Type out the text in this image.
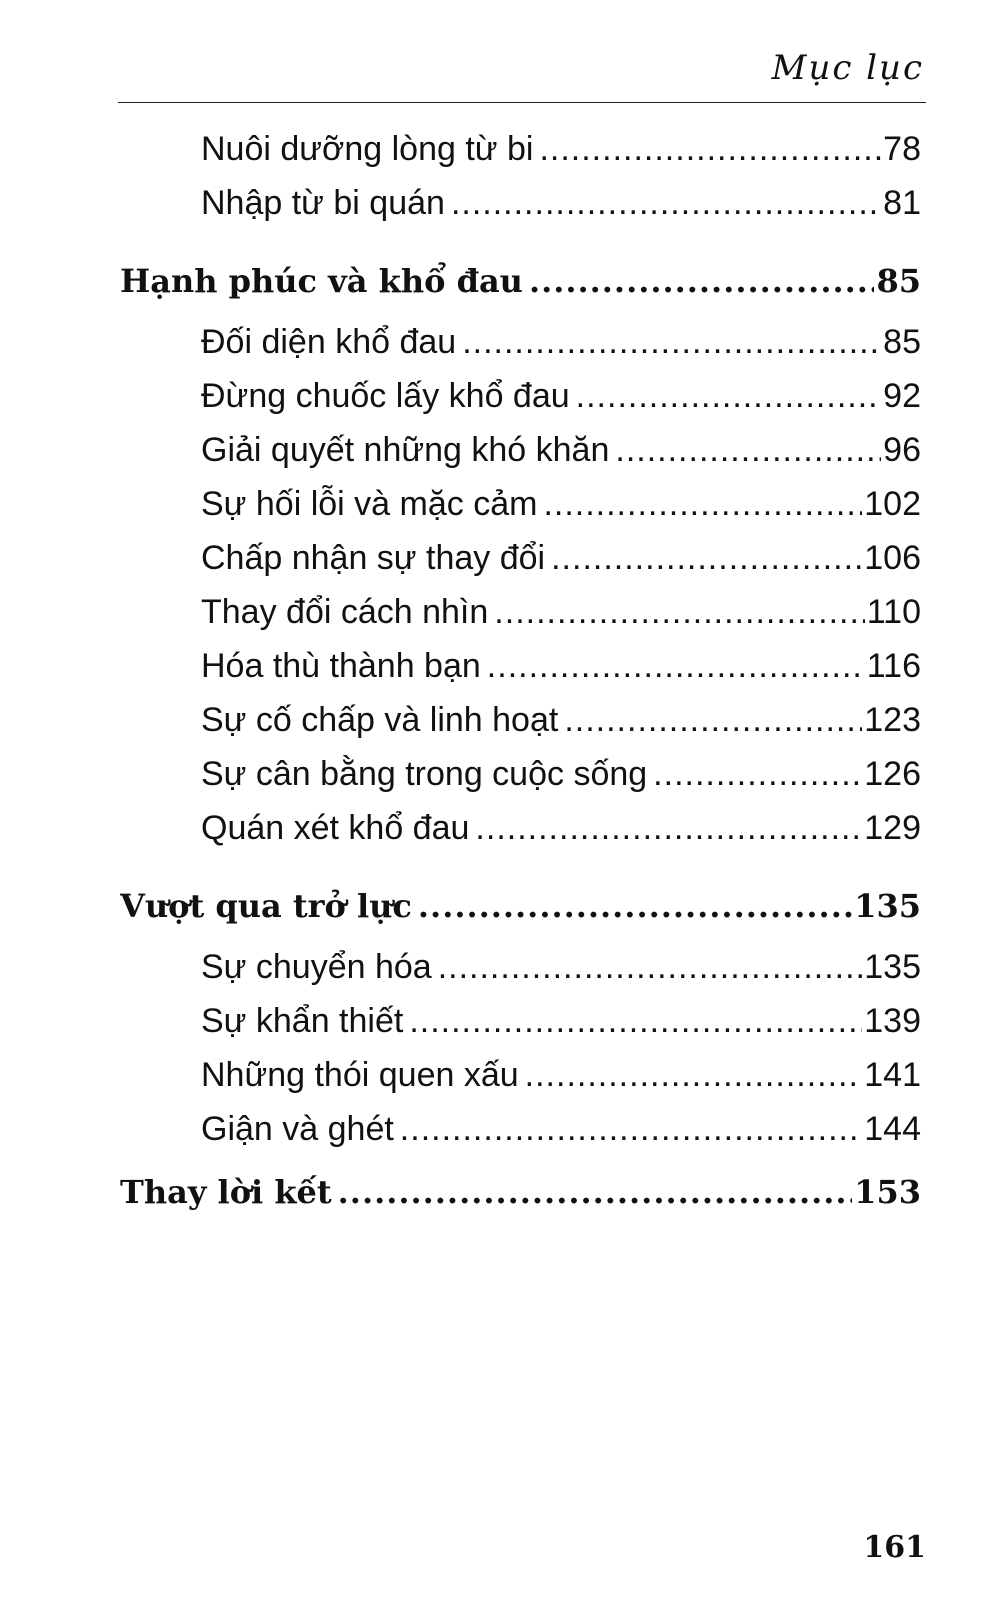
Mục lục
Nuôi dưỡng lòng từ bi .....	78
Nhập từ bi quán .....	81
Hạnh phúc và khổ đau .....	85
Đối diện khổ đau .....	85
Đừng chuốc lấy khổ đau .....	92
Giải quyết những khó khăn .....	96
Sự hối lỗi và mặc cảm .....	102
Chấp nhận sự thay đổi .....	106
Thay đổi cách nhìn .....	110
Hóa thù thành bạn .....	116
Sự cố chấp và linh hoạt .....	123
Sự cân bằng trong cuộc sống .....	126
Quán xét khổ đau .....	129
Vượt qua trở lực .....	135
Sự chuyển hóa .....	135
Sự khẩn thiết .....	139
Những thói quen xấu .....	141
Giận và ghét .....	144
Thay lời kết .....	153
161
